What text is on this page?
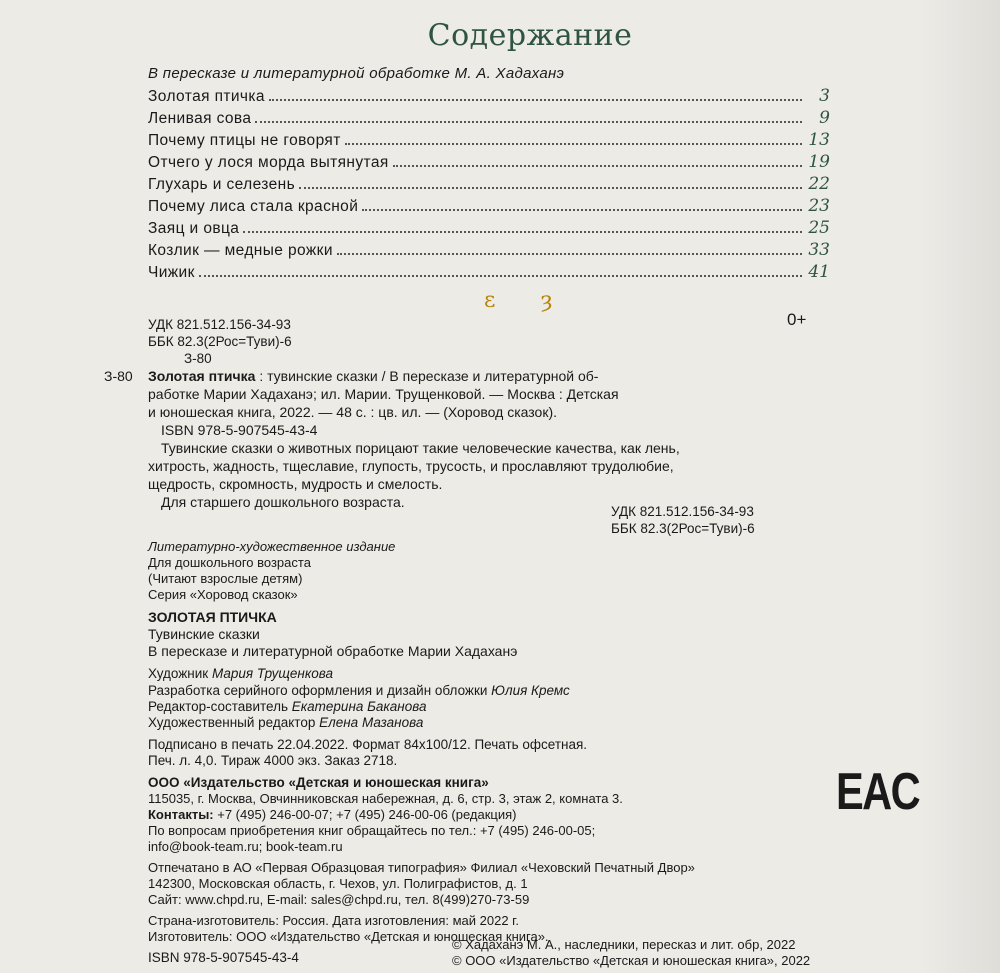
Содержание
В пересказе и литературной обработке М. А. Хадаханэ
Золотая птичка	3
Ленивая сова	9
Почему птицы не говорят	13
Отчего у лося морда вытянутая	19
Глухарь и селезень	22
Почему лиса стала красной	23
Заяц и овца	25
Козлик — медные рожки	33
Чижик	41
ɛ ȝ
УДК 821.512.156-34-93
ББК 82.3(2Рос=Туви)-6
З-80
0+
З-80 Золотая птичка : тувинские сказки / В пересказе и литературной об-
работке Марии Хадаханэ; ил. Марии. Трущенковой. — Москва : Детская
и юношеская книга, 2022. — 48 с. : цв. ил. — (Хоровод сказок).
ISBN 978-5-907545-43-4
Тувинские сказки о животных порицают такие человеческие качества, как лень,
хитрость, жадность, тщеславие, глупость, трусость, и прославляют трудолюбие,
щедрость, скромность, мудрость и смелость.
Для старшего дошкольного возраста.
УДК 821.512.156-34-93
ББК 82.3(2Рос=Туви)-6
Литературно-художественное издание
Для дошкольного возраста
(Читают взрослые детям)
Серия «Хоровод сказок»
ЗОЛОТАЯ ПТИЧКА
Тувинские сказки
В пересказе и литературной обработке Марии Хадаханэ
Художник Мария Трущенкова
Разработка серийного оформления и дизайн обложки Юлия Кремс
Редактор-составитель Екатерина Баканова
Художественный редактор Елена Мазанова
Подписано в печать 22.04.2022. Формат 84х100/12. Печать офсетная.
Печ. л. 4,0. Тираж 4000 экз. Заказ 2718.
ООО «Издательство «Детская и юношеская книга»
115035, г. Москва, Овчинниковская набережная, д. 6, стр. 3, этаж 2, комната 3.
Контакты: +7 (495) 246-00-07; +7 (495) 246-00-06 (редакция)
По вопросам приобретения книг обращайтесь по тел.: +7 (495) 246-00-05;
info@book-team.ru; book-team.ru
Отпечатано в АО «Первая Образцовая типография» Филиал «Чеховский Печатный Двор»
142300, Московская область, г. Чехов, ул. Полиграфистов, д. 1
Сайт: www.chpd.ru, E-mail: sales@chpd.ru, тел. 8(499)270-73-59
Страна-изготовитель: Россия. Дата изготовления: май 2022 г.
Изготовитель: ООО «Издательство «Детская и юношеская книга».
ISBN 978-5-907545-43-4
© Хадаханэ М. А., наследники, пересказ и лит. обр, 2022
© ООО «Издательство «Детская и юношеская книга», 2022
EAC
